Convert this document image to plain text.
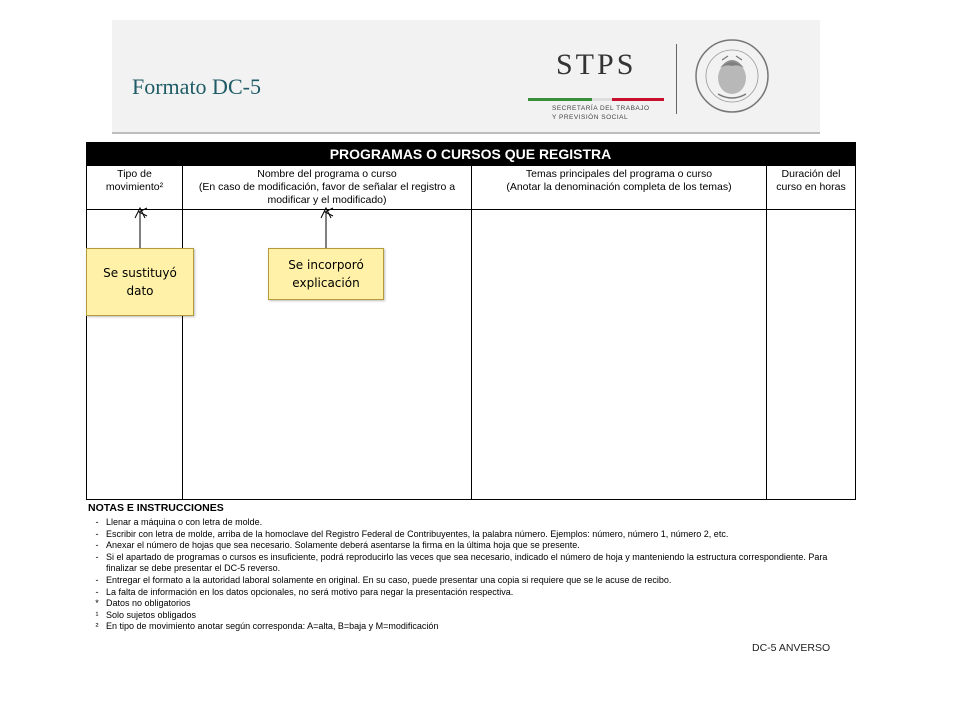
Formato DC-5
STPS
SECRETARÍA DEL TRABAJO
Y PREVISIÓN SOCIAL
PROGRAMAS O CURSOS QUE REGISTRA
Tipo de
movimiento²
Nombre del programa o curso
(En caso de modificación, favor de señalar el registro a
modificar y el modificado)
Temas principales del programa o curso
(Anotar la denominación completa de los temas)
Duración del
curso en horas
Se sustituyó
dato
Se incorporó
explicación
NOTAS E INSTRUCCIONES
- Llenar a máquina o con letra de molde.
- Escribir con letra de molde, arriba de la homoclave del Registro Federal de Contribuyentes, la palabra número. Ejemplos: número, número 1, número 2, etc.
- Anexar el número de hojas que sea necesario. Solamente deberá asentarse la firma en la última hoja que se presente.
- Si el apartado de programas o cursos es insuficiente, podrá reproducirlo las veces que sea necesario, indicado el número de hoja y manteniendo la estructura correspondiente. Para finalizar se debe presentar el DC-5 reverso.
- Entregar el formato a la autoridad laboral solamente en original. En su caso, puede presentar una copia si requiere que se le acuse de recibo.
- La falta de información en los datos opcionales, no será motivo para negar la presentación respectiva.
* Datos no obligatorios
¹ Solo sujetos obligados
² En tipo de movimiento anotar según corresponda: A=alta, B=baja y M=modificación
DC-5 ANVERSO
